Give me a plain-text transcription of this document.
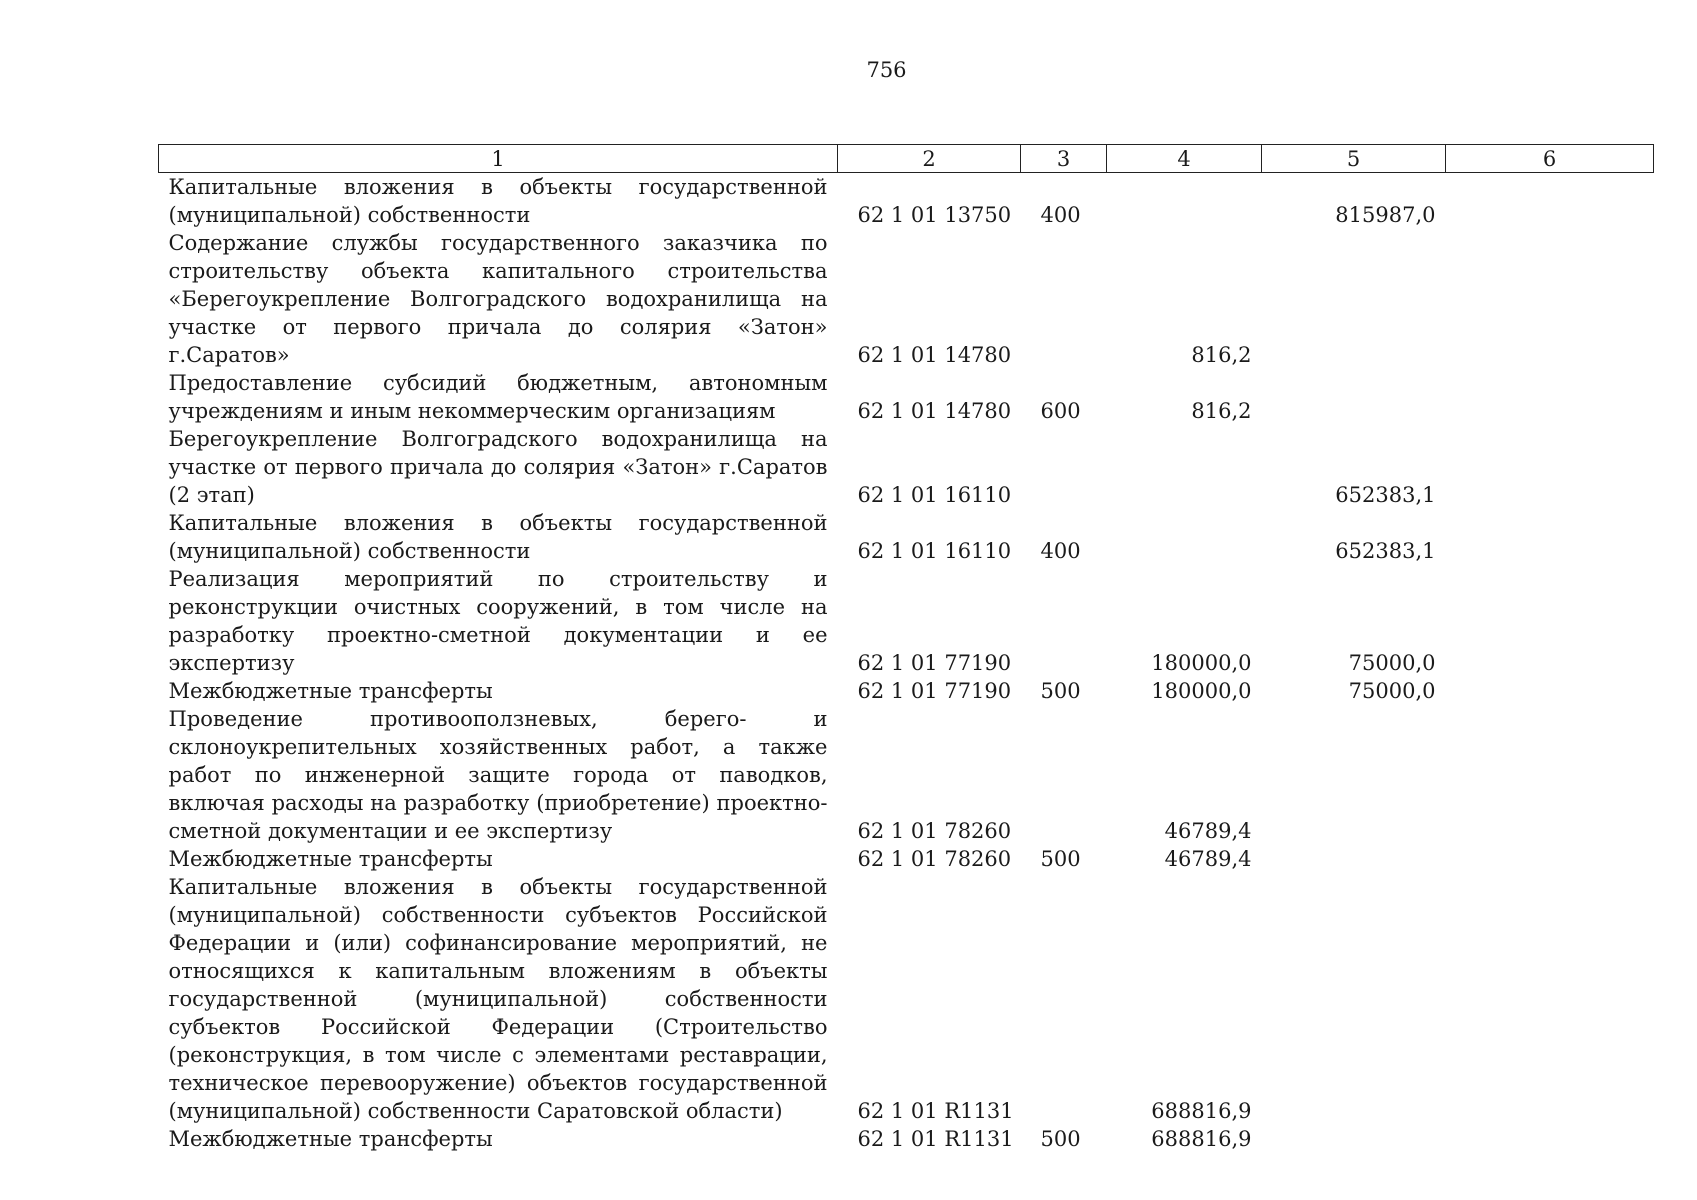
756
1	2	3	4	5	6
Капитальные вложения в объекты государственной (муниципальной) собственности	62 1 01 13750	400		815987,0	
Содержание службы государственного заказчика по строительству объекта капитального строительства «Берегоукрепление Волгоградского водохранилища на участке от первого причала до солярия «Затон» г.Саратов»	62 1 01 14780		816,2		
Предоставление субсидий бюджетным, автономным учреждениям и иным некоммерческим организациям	62 1 01 14780	600	816,2		
Берегоукрепление Волгоградского водохранилища на участке от первого причала до солярия «Затон» г.Саратов (2 этап)	62 1 01 16110			652383,1	
Капитальные вложения в объекты государственной (муниципальной) собственности	62 1 01 16110	400		652383,1	
Реализация мероприятий по строительству и реконструкции очистных сооружений, в том числе на разработку проектно-сметной документации и ее экспертизу	62 1 01 77190		180000,0	75000,0	
Межбюджетные трансферты	62 1 01 77190	500	180000,0	75000,0	
Проведение противооползневых, берего- и склоноукрепительных хозяйственных работ, а также работ по инженерной защите города от паводков, включая расходы на разработку (приобретение) проектно-сметной документации и ее экспертизу	62 1 01 78260		46789,4		
Межбюджетные трансферты	62 1 01 78260	500	46789,4		
Капитальные вложения в объекты государственной (муниципальной) собственности субъектов Российской Федерации и (или) софинансирование мероприятий, не относящихся к капитальным вложениям в объекты государственной (муниципальной) собственности субъектов Российской Федерации (Строительство (реконструкция, в том числе с элементами реставрации, техническое перевооружение) объектов государственной (муниципальной) собственности Саратовской области)	62 1 01 R1131		688816,9		
Межбюджетные трансферты	62 1 01 R1131	500	688816,9		
